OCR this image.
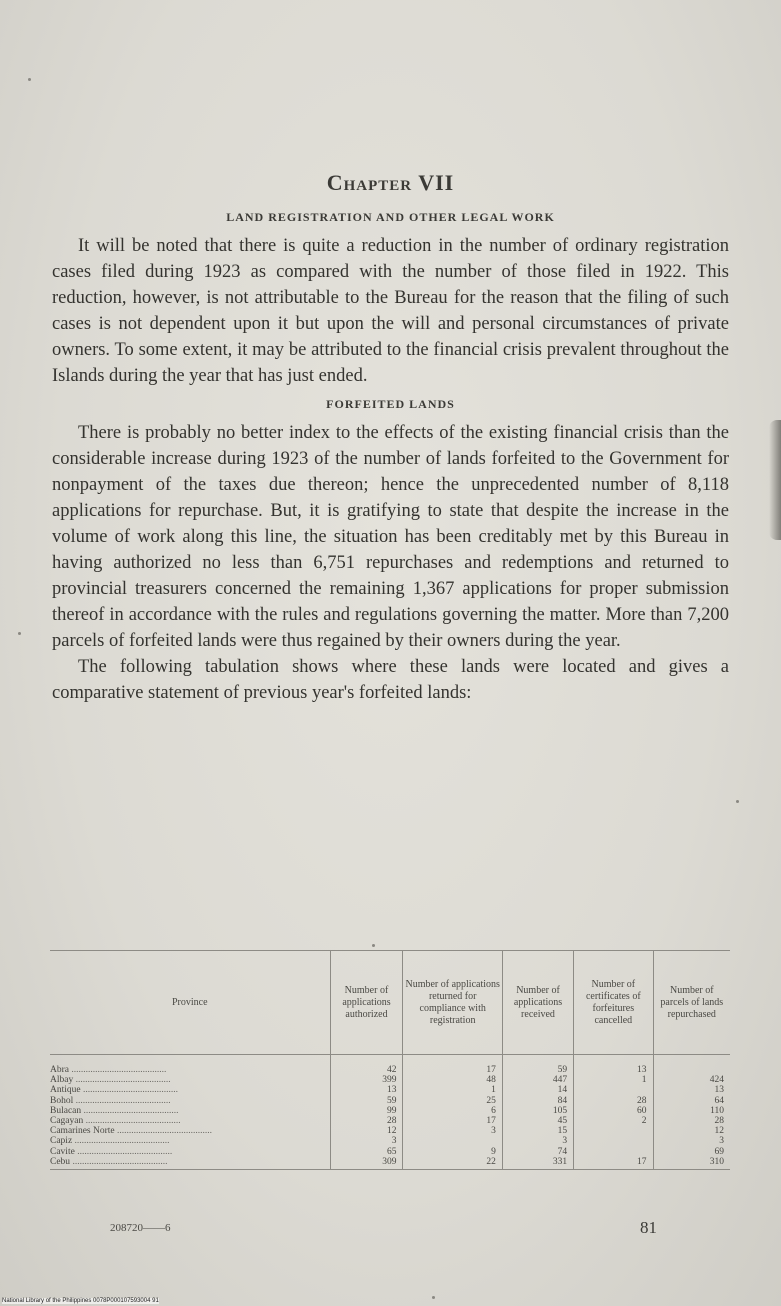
Chapter VII
LAND REGISTRATION AND OTHER LEGAL WORK

It will be noted that there is quite a reduction in the number of ordinary registration cases filed during 1923 as compared with the number of those filed in 1922. This reduction, however, is not attributable to the Bureau for the reason that the filing of such cases is not dependent upon it but upon the will and personal circumstances of private owners. To some extent, it may be attributed to the financial crisis prevalent throughout the Islands during the year that has just ended.

FORFEITED LANDS

There is probably no better index to the effects of the existing financial crisis than the considerable increase during 1923 of the number of lands forfeited to the Government for nonpayment of the taxes due thereon; hence the unprecedented number of 8,118 applications for repurchase. But, it is gratifying to state that despite the increase in the volume of work along this line, the situation has been creditably met by this Bureau in having authorized no less than 6,751 repurchases and redemptions and returned to provincial treasurers concerned the remaining 1,367 applications for proper submission thereof in accordance with the rules and regulations governing the matter. More than 7,200 parcels of forfeited lands were thus regained by their owners during the year.

The following tabulation shows where these lands were located and gives a comparative statement of previous year's forfeited lands:

Province	Number of applications authorized	Number of applications returned for compliance with registration	Number of applications received	Number of certificates of forfeitures cancelled	Number of parcels of lands repurchased
Abra .....	42	17	59	13	
Albay .....	399	48	447	1	424
Antique .....	13	1	14		13
Bohol .....	59	25	84	28	64
Bulacan .....	99	6	105	60	110
Cagayan .....	28	17	45	2	28
Camarines Norte .....	12	3	15		12
Capiz .....	3		3		3
Cavite .....	65	9	74		69
Cebu .....	309	22	331	17	310
208720——6	81
National Library of the Philippines 0078P000107593004 91
